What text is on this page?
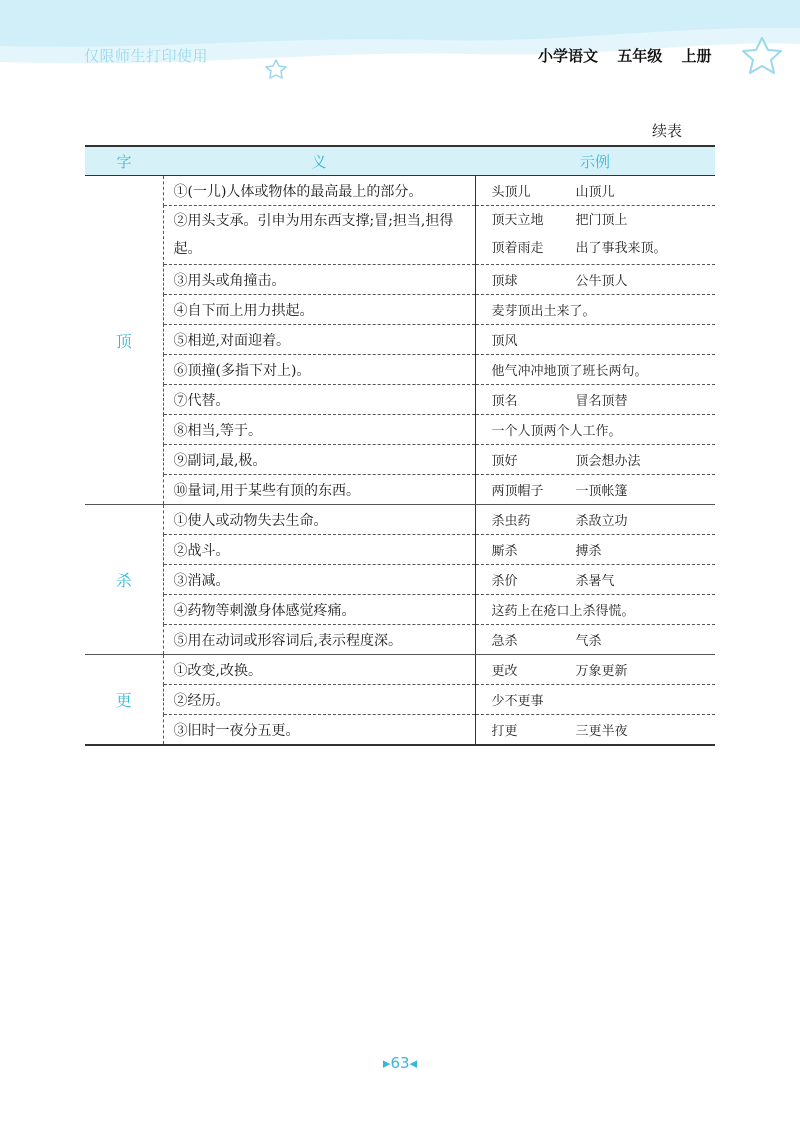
仅限师生打印使用	小学语文 五年级 上册
续表
字	义	示例
顶	①(一儿)人体或物体的最高最上的部分。	头顶儿 山顶儿
	②用头支承。引申为用东西支撑;冒;担当,担得起。	顶天立地 把门顶上
顶着雨走 出了事我来顶。
	③用头或角撞击。	顶球 公牛顶人
	④自下而上用力拱起。	麦芽顶出土来了。
	⑤相逆,对面迎着。	顶风
	⑥顶撞(多指下对上)。	他气冲冲地顶了班长两句。
	⑦代替。	顶名 冒名顶替
	⑧相当,等于。	一个人顶两个人工作。
	⑨副词,最,极。	顶好 顶会想办法
	⑩量词,用于某些有顶的东西。	两顶帽子 一顶帐篷
杀	①使人或动物失去生命。	杀虫药 杀敌立功
	②战斗。	厮杀 搏杀
	③消减。	杀价 杀暑气
	④药物等刺激身体感觉疼痛。	这药上在疮口上杀得慌。
	⑤用在动词或形容词后,表示程度深。	急杀 气杀
更	①改变,改换。	更改 万象更新
	②经历。	少不更事
	③旧时一夜分五更。	打更 三更半夜
▸63◂
